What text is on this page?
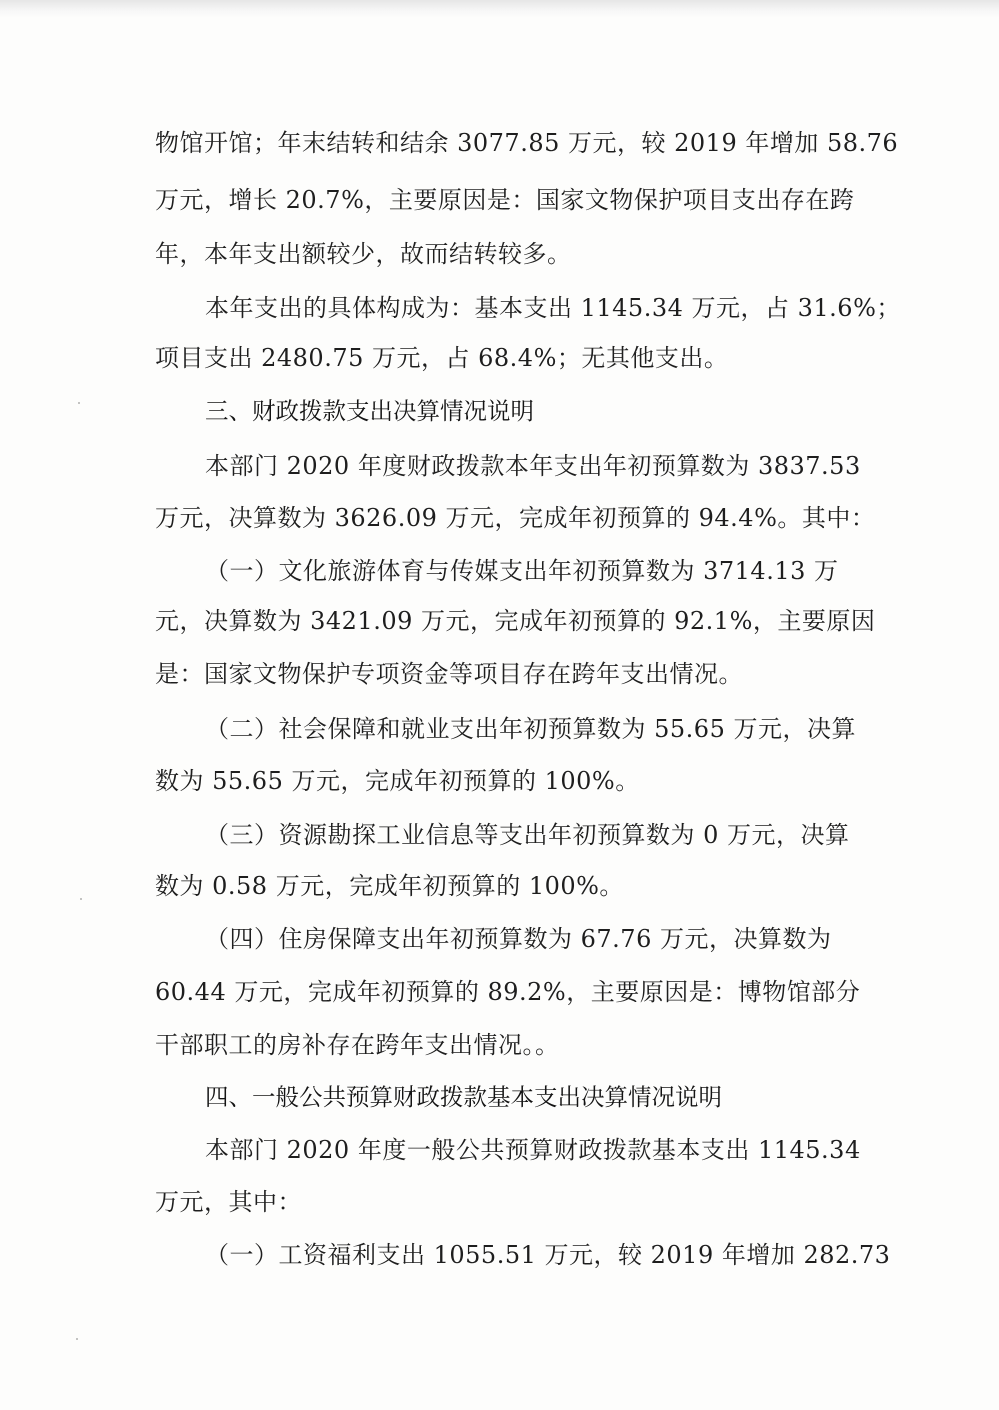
物馆开馆；年末结转和结余 3077.85 万元，较 2019 年增加 58.76
万元，增长 20.7%，主要原因是：国家文物保护项目支出存在跨
年，本年支出额较少，故而结转较多。
本年支出的具体构成为：基本支出 1145.34 万元，占 31.6%；
项目支出 2480.75 万元，占 68.4%；无其他支出。
三、财政拨款支出决算情况说明
本部门 2020 年度财政拨款本年支出年初预算数为 3837.53
万元，决算数为 3626.09 万元，完成年初预算的 94.4%。其中：
（一）文化旅游体育与传媒支出年初预算数为 3714.13 万
元，决算数为 3421.09 万元，完成年初预算的 92.1%，主要原因
是：国家文物保护专项资金等项目存在跨年支出情况。
（二）社会保障和就业支出年初预算数为 55.65 万元，决算
数为 55.65 万元，完成年初预算的 100%。
（三）资源勘探工业信息等支出年初预算数为 0 万元，决算
数为 0.58 万元，完成年初预算的 100%。
（四）住房保障支出年初预算数为 67.76 万元，决算数为
60.44 万元，完成年初预算的 89.2%，主要原因是：博物馆部分
干部职工的房补存在跨年支出情况。。
四、一般公共预算财政拨款基本支出决算情况说明
本部门 2020 年度一般公共预算财政拨款基本支出 1145.34
万元，其中：
（一）工资福利支出 1055.51 万元，较 2019 年增加 282.73
